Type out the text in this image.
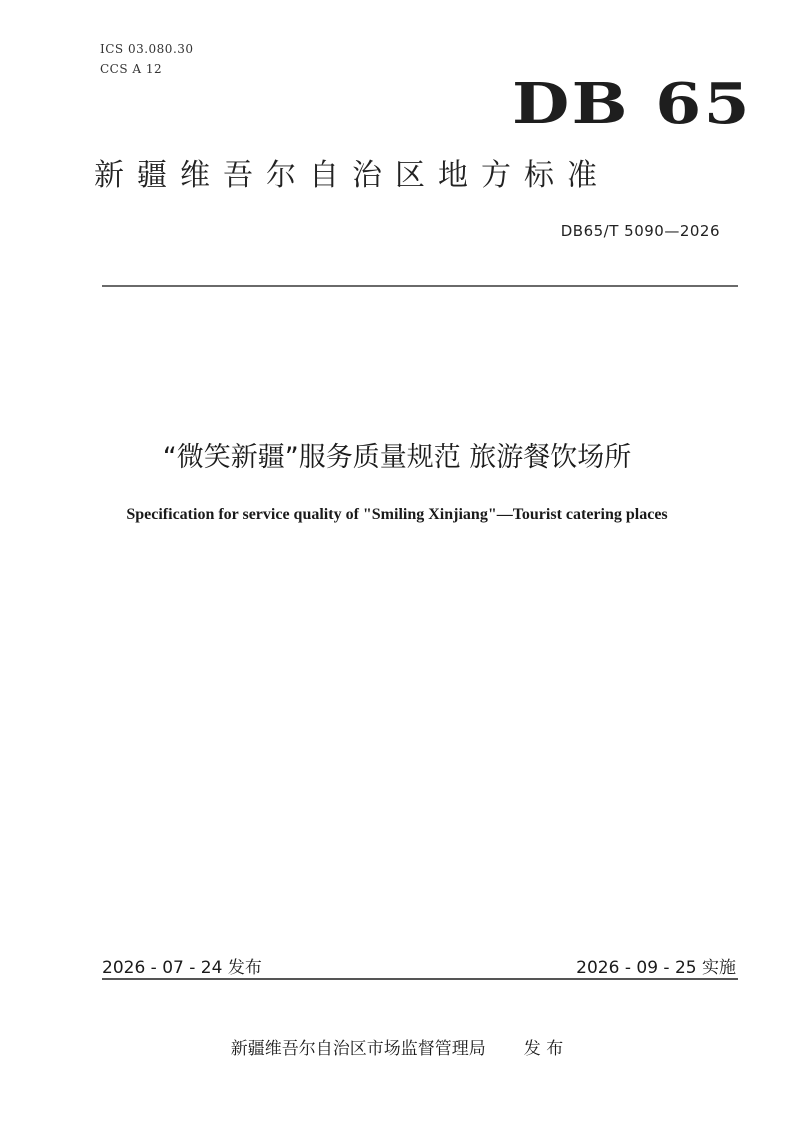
ICS 03.080.30
CCS A 12
DB 65
新疆维吾尔自治区地方标准
DB65/T 5090—2026
“微笑新疆”服务质量规范 旅游餐饮场所
Specification for service quality of "Smiling Xinjiang"—Tourist catering places
2026 - 07 - 24 发布	2026 - 09 - 25 实施
新疆维吾尔自治区市场监督管理局 发 布
